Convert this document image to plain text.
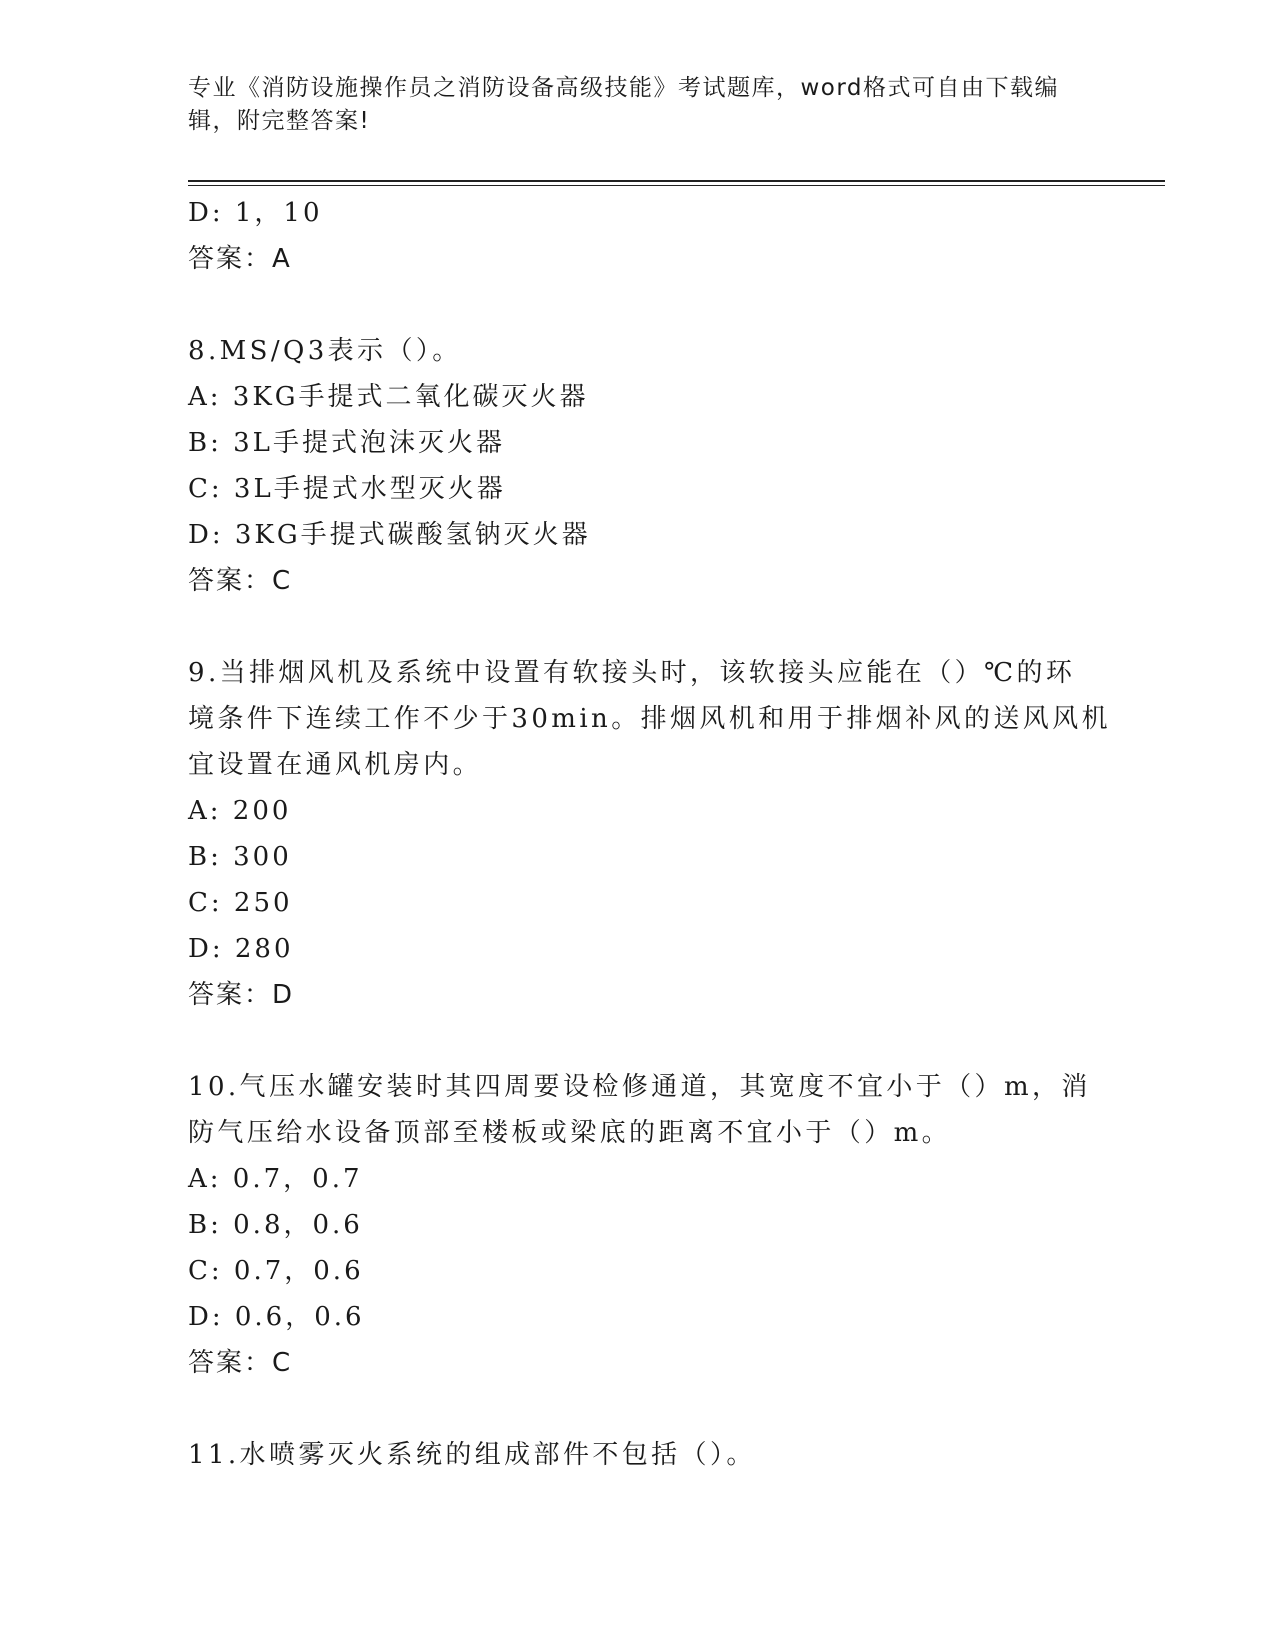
专业《消防设施操作员之消防设备高级技能》考试题库，word格式可自由下载编
辑，附完整答案!
D: 1，10
答案：A
8.MS/Q3表示（）。
A: 3KG手提式二氧化碳灭火器
B: 3L手提式泡沫灭火器
C: 3L手提式水型灭火器
D: 3KG手提式碳酸氢钠灭火器
答案：C
9.当排烟风机及系统中设置有软接头时，该软接头应能在（）℃的环
境条件下连续工作不少于30min。排烟风机和用于排烟补风的送风风机
宜设置在通风机房内。
A: 200
B: 300
C: 250
D: 280
答案：D
10.气压水罐安装时其四周要设检修通道，其宽度不宜小于（）m，消
防气压给水设备顶部至楼板或梁底的距离不宜小于（）m。
A: 0.7，0.7
B: 0.8，0.6
C: 0.7，0.6
D: 0.6，0.6
答案：C
11.水喷雾灭火系统的组成部件不包括（）。
